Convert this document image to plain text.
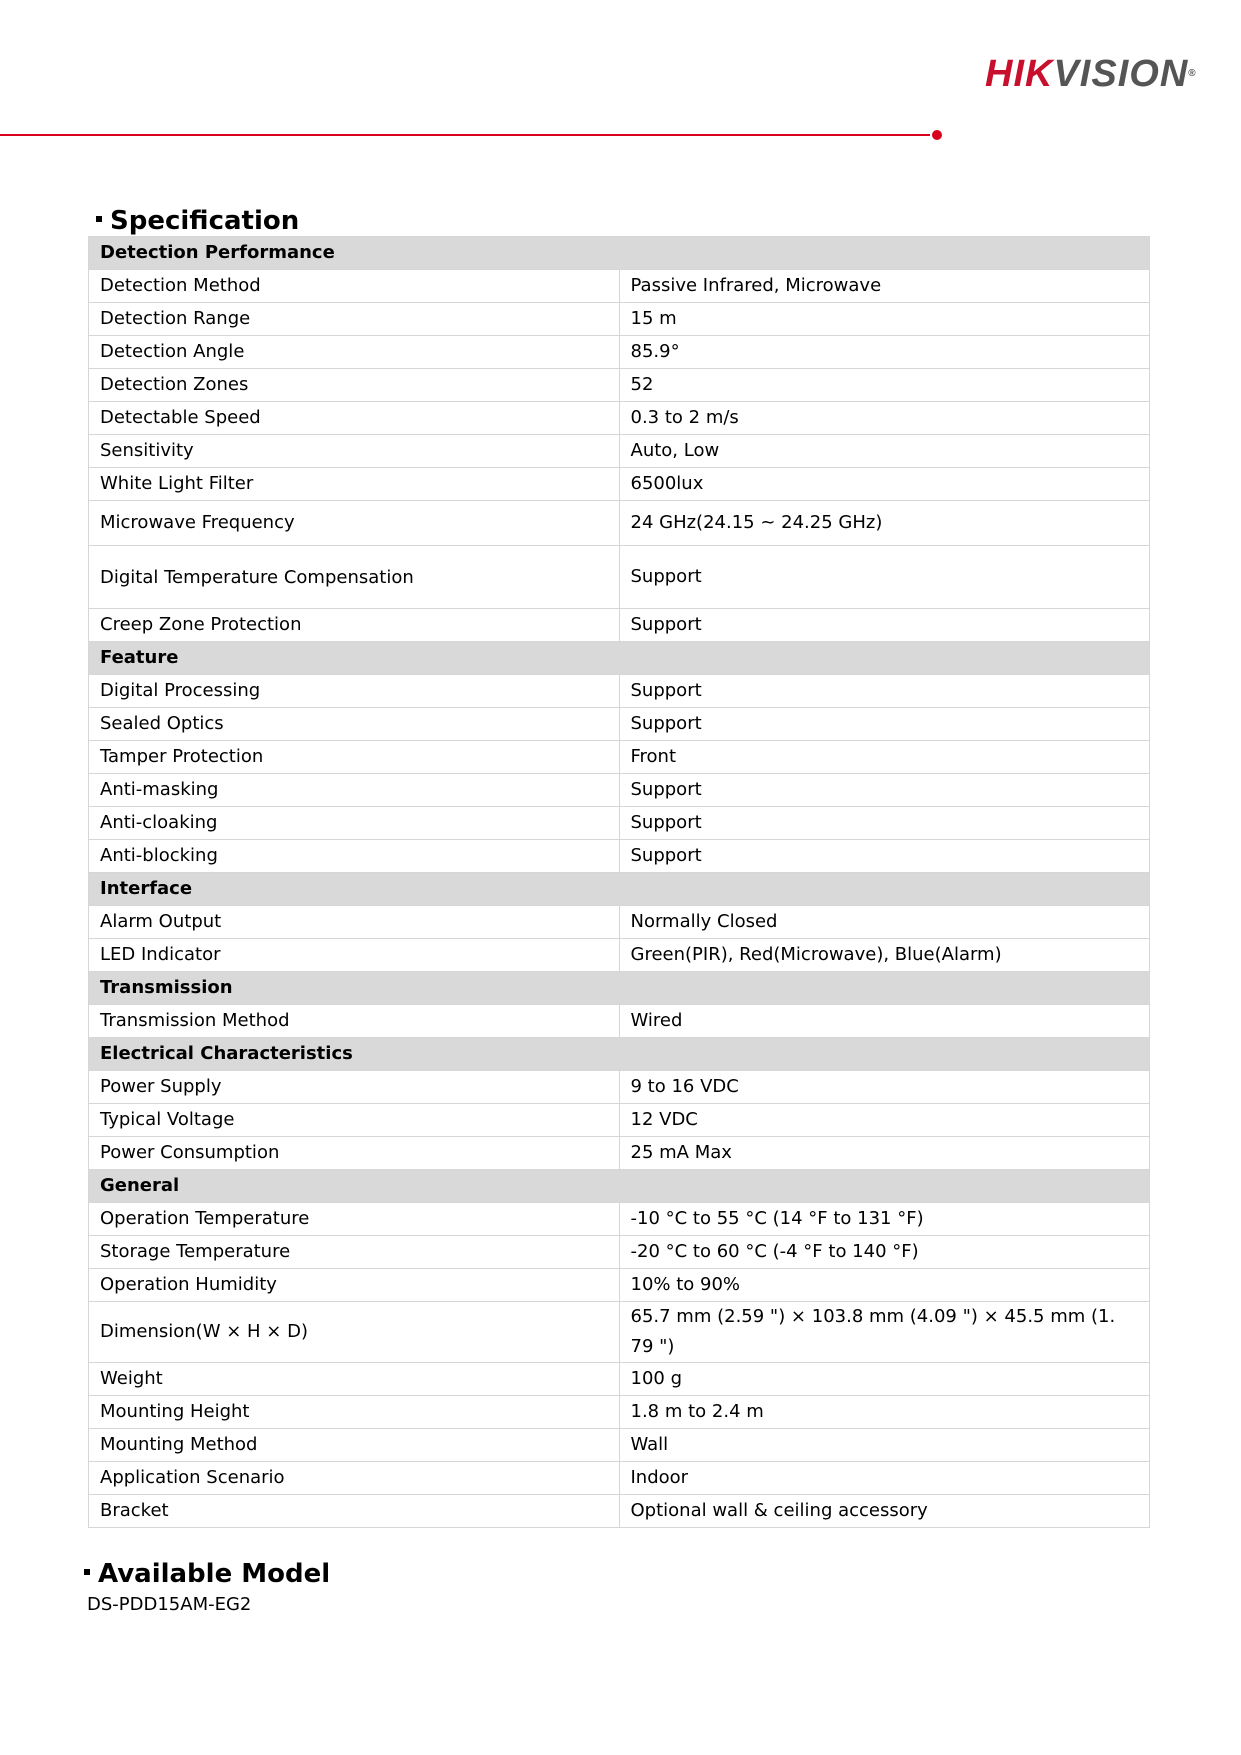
HIKVISION®
Specification
Detection Performance	
Detection Method	Passive Infrared, Microwave
Detection Range	15 m
Detection Angle	85.9°
Detection Zones	52
Detectable Speed	0.3 to 2 m/s
Sensitivity	Auto, Low
White Light Filter	6500lux
Microwave Frequency	24 GHz(24.15 ~ 24.25 GHz)
Digital Temperature Compensation	Support
Creep Zone Protection	Support
Feature	
Digital Processing	Support
Sealed Optics	Support
Tamper Protection	Front
Anti-masking	Support
Anti-cloaking	Support
Anti-blocking	Support
Interface	
Alarm Output	Normally Closed
LED Indicator	Green(PIR), Red(Microwave), Blue(Alarm)
Transmission	
Transmission Method	Wired
Electrical Characteristics	
Power Supply	9 to 16 VDC
Typical Voltage	12 VDC
Power Consumption	25 mA Max
General	
Operation Temperature	-10 °C to 55 °C (14 °F to 131 °F)
Storage Temperature	-20 °C to 60 °C (-4 °F to 140 °F)
Operation Humidity	10% to 90%
Dimension(W × H × D)	65.7 mm (2.59 ") × 103.8 mm (4.09 ") × 45.5 mm (1. 79 ")
Weight	100 g
Mounting Height	1.8 m to 2.4 m
Mounting Method	Wall
Application Scenario	Indoor
Bracket	Optional wall & ceiling accessory
Available Model
DS-PDD15AM-EG2
